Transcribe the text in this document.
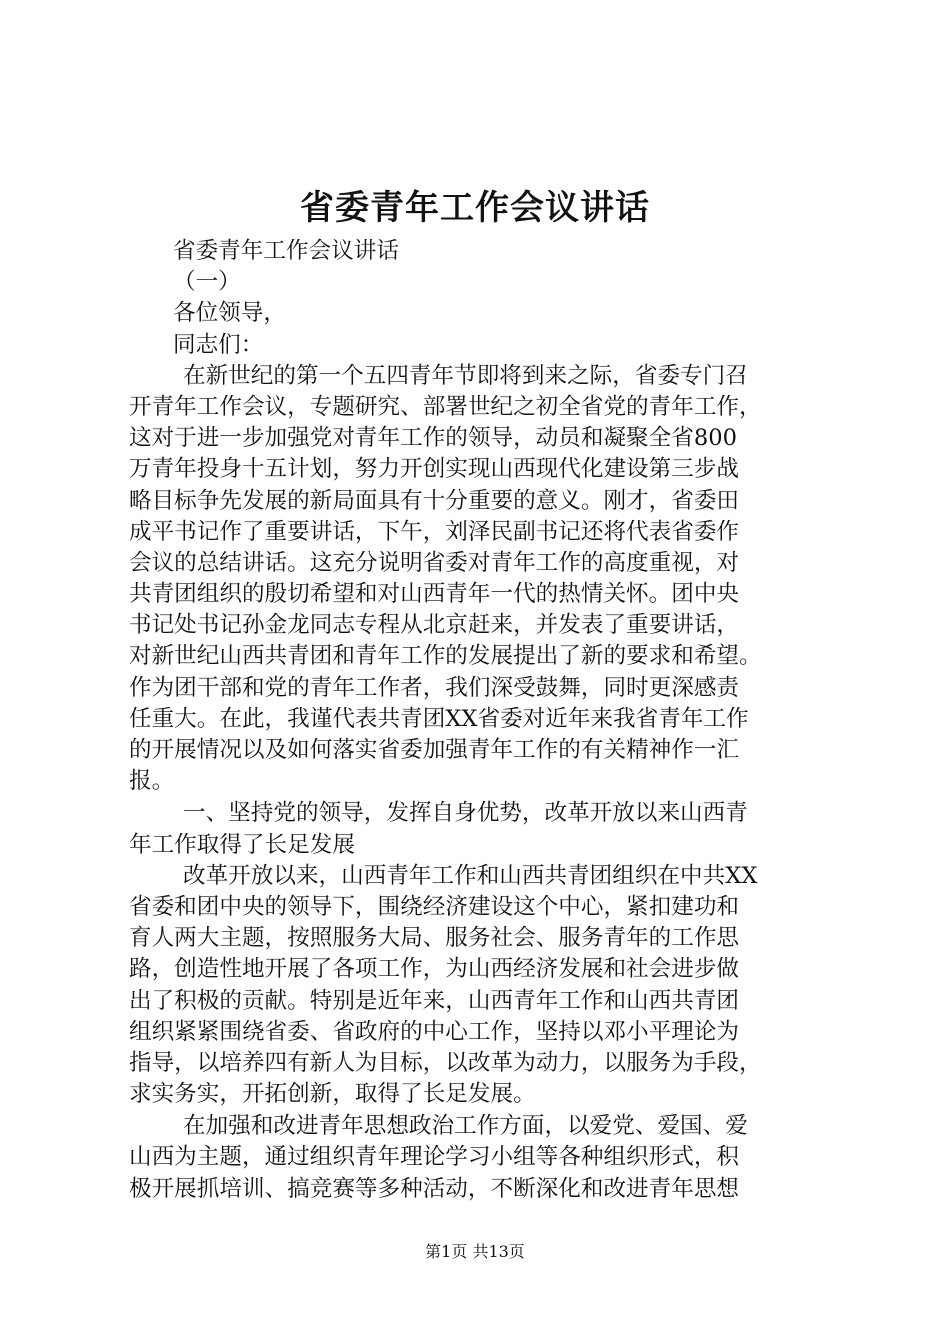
省委青年工作会议讲话
省委青年工作会议讲话
（一）
各位领导，
同志们：
在新世纪的第一个五四青年节即将到来之际，省委专门召
开青年工作会议，专题研究、部署世纪之初全省党的青年工作，
这对于进一步加强党对青年工作的领导，动员和凝聚全省800
万青年投身十五计划，努力开创实现山西现代化建设第三步战
略目标争先发展的新局面具有十分重要的意义。刚才，省委田
成平书记作了重要讲话，下午，刘泽民副书记还将代表省委作
会议的总结讲话。这充分说明省委对青年工作的高度重视，对
共青团组织的殷切希望和对山西青年一代的热情关怀。团中央
书记处书记孙金龙同志专程从北京赶来，并发表了重要讲话，
对新世纪山西共青团和青年工作的发展提出了新的要求和希望。
作为团干部和党的青年工作者，我们深受鼓舞，同时更深感责
任重大。在此，我谨代表共青团XX省委对近年来我省青年工作
的开展情况以及如何落实省委加强青年工作的有关精神作一汇
报。
一、坚持党的领导，发挥自身优势，改革开放以来山西青
年工作取得了长足发展
改革开放以来，山西青年工作和山西共青团组织在中共XX
省委和团中央的领导下，围绕经济建设这个中心，紧扣建功和
育人两大主题，按照服务大局、服务社会、服务青年的工作思
路，创造性地开展了各项工作，为山西经济发展和社会进步做
出了积极的贡献。特别是近年来，山西青年工作和山西共青团
组织紧紧围绕省委、省政府的中心工作，坚持以邓小平理论为
指导，以培养四有新人为目标，以改革为动力，以服务为手段，
求实务实，开拓创新，取得了长足发展。
在加强和改进青年思想政治工作方面，以爱党、爱国、爱
山西为主题，通过组织青年理论学习小组等各种组织形式，积
极开展抓培训、搞竞赛等多种活动，不断深化和改进青年思想
第1页 共13页
